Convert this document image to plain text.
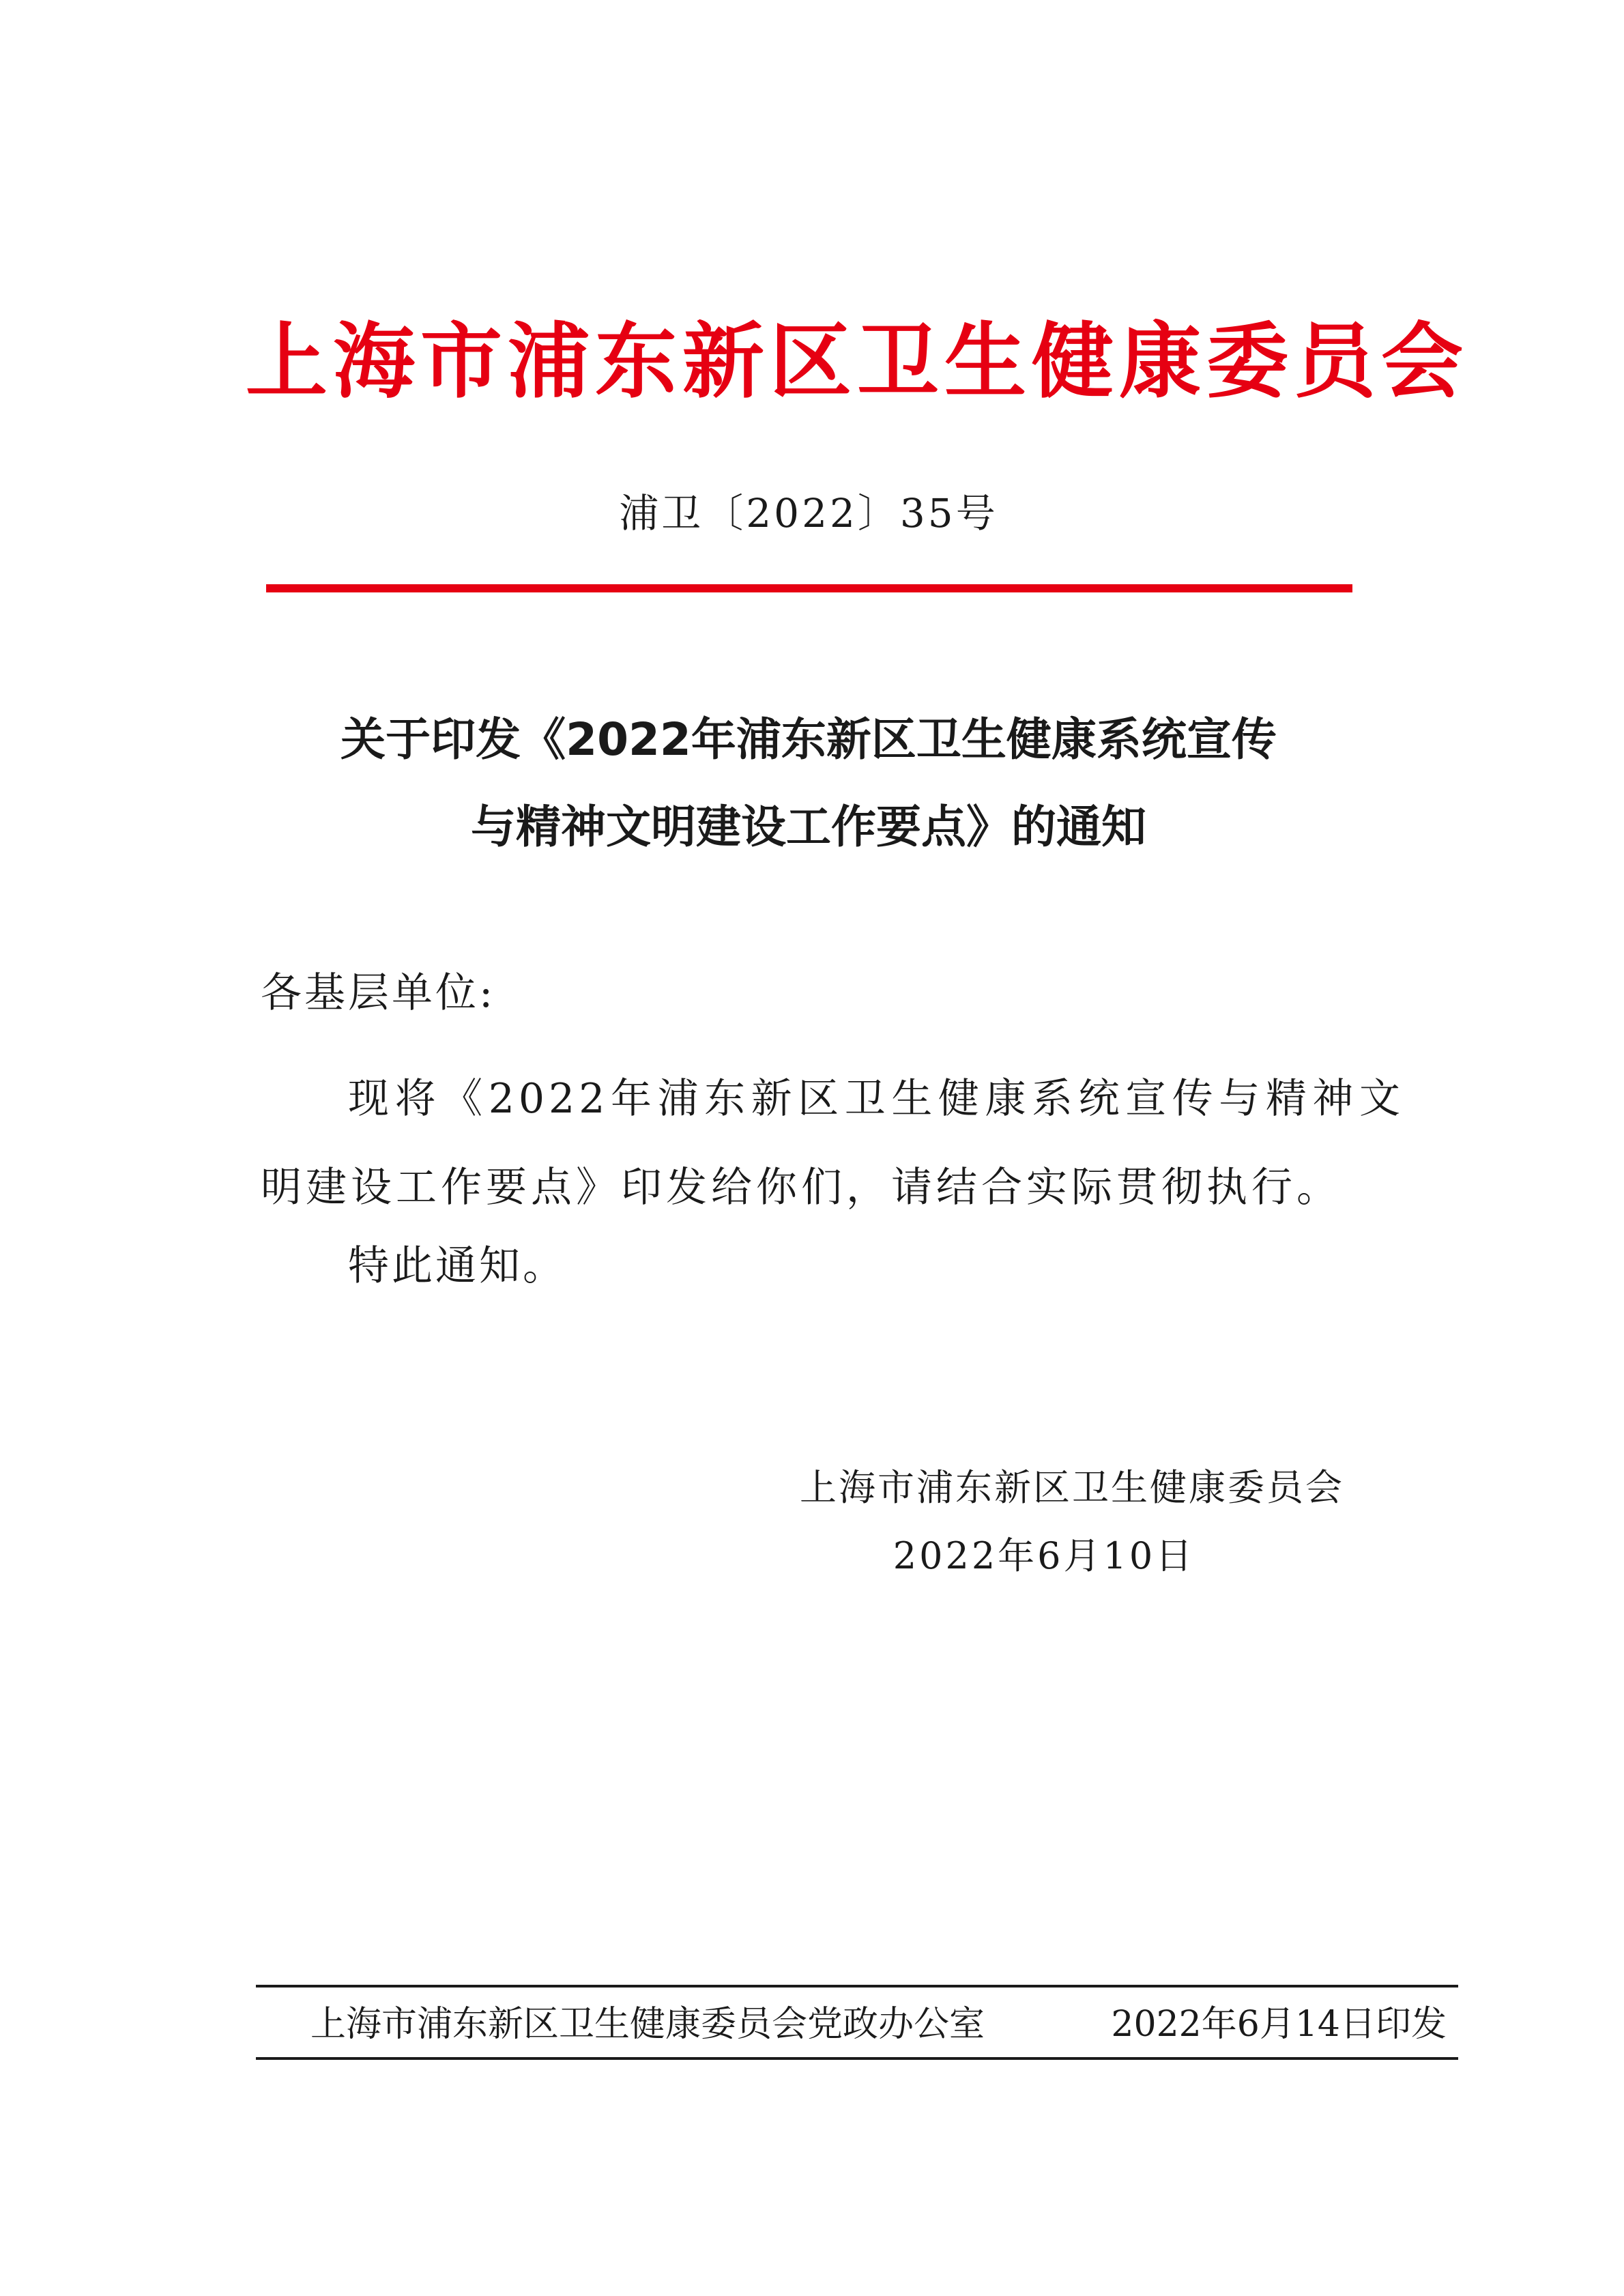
上海市浦东新区卫生健康委员会
浦卫〔2022〕35号
关于印发《2022年浦东新区卫生健康系统宣传
与精神文明建设工作要点》的通知
各基层单位:
现将《2022年浦东新区卫生健康系统宣传与精神文明建设工作要点》印发给你们，请结合实际贯彻执行。
特此通知。
上海市浦东新区卫生健康委员会
2022年6月10日
上海市浦东新区卫生健康委员会党政办公室	2022年6月14日印发
